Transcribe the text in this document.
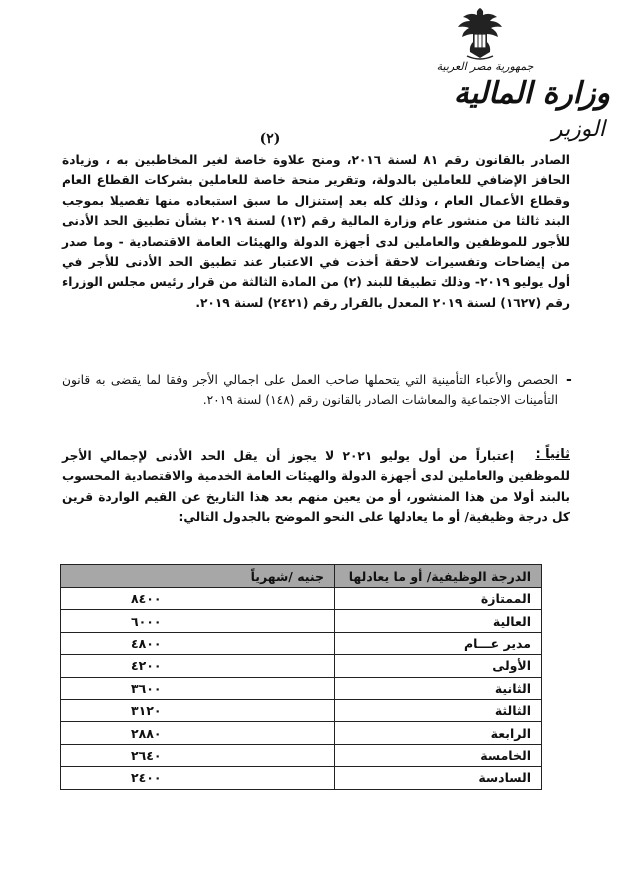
جمهورية مصر العربية
وزارة المالية
الوزير
(٢)
الصادر بالقانون رقم ٨١ لسنة ٢٠١٦، ومنح علاوة خاصة لغير المخاطبين به ، وزيادة الحافز الإضافي للعاملين بالدولة، وتقرير منحة خاصة للعاملين بشركات القطاع العام وقطاع الأعمال العام ، وذلك كله بعد إستنزال ما سبق استبعاده منها تفصيلا بموجب البند ثالثا من منشور عام وزارة المالية رقم (١٣) لسنة ٢٠١٩ بشأن تطبيق الحد الأدنى للأجور للموظفين والعاملين لدى أجهزة الدولة والهيئات العامة الاقتصادية - وما صدر من إيضاحات وتفسيرات لاحقة أخذت في الاعتبار عند تطبيق الحد الأدنى للأجر في أول يوليو ٢٠١٩- وذلك تطبيقا للبند (٢) من المادة الثالثة من قرار رئيس مجلس الوزراء رقم (١٦٢٧) لسنة ٢٠١٩ المعدل بالقرار رقم (٢٤٢١) لسنة ٢٠١٩.
-
الحصص والأعباء التأمينية التي يتحملها صاحب العمل على اجمالي الأجر وفقا لما يقضى به قانون التأمينات الاجتماعية والمعاشات الصادر بالقانون رقم (١٤٨) لسنة ٢٠١٩.
ثانياً :
إعتباراً من أول يوليو ٢٠٢١ لا يجوز أن يقل الحد الأدنى لإجمالي الأجر للموظفين والعاملين لدى أجهزة الدولة والهيئات العامة الخدمية والاقتصادية المحسوب بالبند أولا من هذا المنشور، أو من يعين منهم بعد هذا التاريخ عن القيم الواردة قرين كل درجة وظيفية/ أو ما يعادلها على النحو الموضح بالجدول التالي:
الدرجة الوظيفية/ أو ما يعادلها	جنيه /شهرياً
الممتازة	٨٤٠٠
العالية	٦٠٠٠
مدير عـــام	٤٨٠٠
الأولى	٤٢٠٠
الثانية	٣٦٠٠
الثالثة	٣١٢٠
الرابعة	٢٨٨٠
الخامسة	٢٦٤٠
السادسة	٢٤٠٠
